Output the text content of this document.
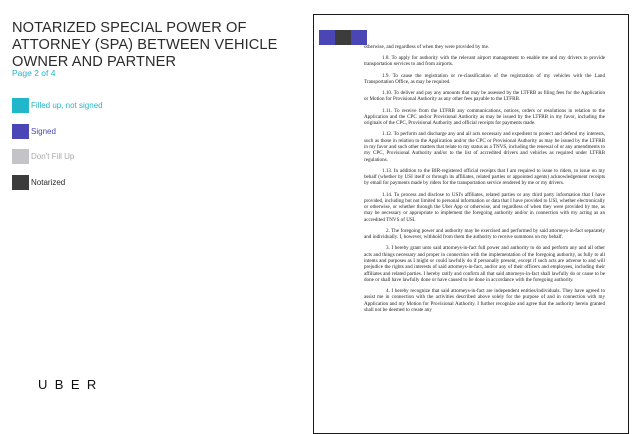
NOTARIZED SPECIAL POWER OF ATTORNEY (SPA) BETWEEN VEHICLE OWNER AND PARTNER
Page 2 of 4
Filled up, not signed
Signed
Don't Fill Up
Notarized
UBER

otherwise, and regardless of when they were provided by me.

1.8. To apply for authority with the relevant airport management to enable me and my drivers to provide transportation services to and from airports.

1.9. To cause the registration or re-classification of the registration of my vehicles with the Land Transportation Office, as may be required.

1.10. To deliver and pay any amounts that may be assessed by the LTFRB as filing fees for the Application or Motion for Provisional Authority as any other fees payable to the LTFRB.

1.11. To receive from the LTFRB any communications, notices, orders or resolutions in relation to the Application and the CPC and/or Provisional Authority as may be issued by the LTFRB in my favor, including the originals of the CPC, Provisional Authority and official receipts for payments made.

1.12. To perform and discharge any and all acts necessary and expedient to protect and defend my interests, such as those in relation to the Application and/or the CPC or Provisional Authority as may be issued by the LTFRB in my favor and such other matters that relate to my status as a TNVS, including the renewal of or any amendments to my CPC, Provisional Authority and/or to the list of accredited drivers and vehicles as required under LTFRB regulations.

1.13. In addition to the BIR-registered official receipts that I am required to issue to riders, to issue on my behalf (whether by USI itself or through its affiliates, related parties or appointed agents) acknowledgement receipts by email for payments made by riders for the transportation service rendered by me or my drivers.

1.14. To process and disclose to USI's affiliates, related parties or any third party information that I have provided, including but not limited to personal information or data that I have provided to USI, whether electronically or otherwise, or whether through the Uber App or otherwise, and regardless of when they were provided by me, as may be necessary or appropriate to implement the foregoing authority and/or in connection with my acting as an accredited TNVS of USI.

2. The foregoing power and authority may be exercised and performed by said attorneys-in-fact separately and individually. I, however, withhold from them the authority to receive summons on my behalf.

3. I hereby grant unto said attorneys-in-fact full power and authority to do and perform any and all other acts and things necessary and proper in connection with the implementation of the foregoing authority, as fully to all intents and purposes as I might or could lawfully do if personally present, except if such acts are adverse to and will prejudice the rights and interests of said attorneys-in-fact, and/or any of their officers and employees, including their affiliates and related parties. I hereby ratify and confirm all that said attorneys-in-fact shall lawfully do or cause to be done or shall have lawfully done or have caused to be done in accordance with the foregoing authority.

4. I hereby recognize that said attorneys-in-fact are independent entities/individuals. They have agreed to assist me in connection with the activities described above solely for the purpose of and in connection with my Application and my Motion for Provisional Authority. I further recognize and agree that the authority herein granted shall not be deemed to create any
